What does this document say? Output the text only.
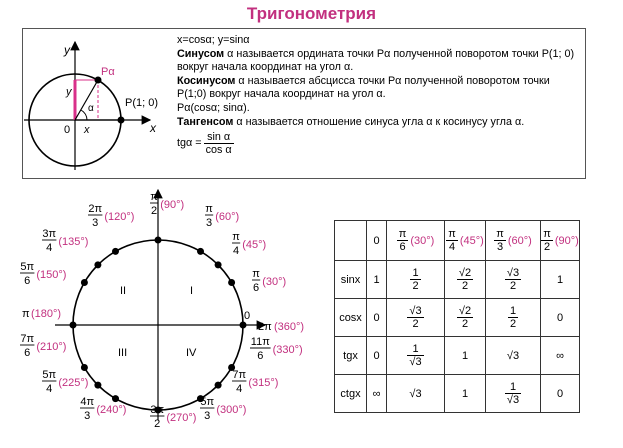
Тригонометрия
y
x
y
x
0
P(1; 0)
Pα
α
π
2 (90°) π
3 (60°)
π
4 (45°)
π
6 (30°)
0
2π (360°)
11π
6 (330°)
7π
4 (315°)
5π
3 (300°)
3π
2 (270°)
4π
3 (240°)
5π
4 (225°)
7π
6 (210°)
π (180°)
5π
6 (150°)
3π
4 (135°)
2π
3 (120°)
I
II
III	IV

x=cosα; y=sinα

Синусом α называется ордината точки Pα полученной поворотом точки P(1; 0) вокруг начала координат на угол α.

Косинусом α называется абсцисса точки Pα полученной поворотом точки P(1;0) вокруг начала координат на угол α.

Pα(cosα; sinα).

Тангенсом α называется отношение синуса угла α к косинусу угла α.

$tg\alpha = \frac{\text{sin α}}{\text{cos α}}$

	0	$\frac{\pi}{6} (30^\circ)$	$\frac{\pi}{4} (45^\circ)$	$\frac{\pi}{3} (60^\circ)$	$\frac{\pi}{2} (90^\circ)$

sinx	1	$\frac{1}{2}$	$\frac{√2}{2}$	$\frac{√3}{2}$	1
cosx	0	$\frac{√3}{2}$	$\frac{√2}{2}$	$\frac{1}{2}$	0
tgx	0	$\frac{1}{√3}$	1	√3	∞
ctgx	∞	√3	1	$\frac{1}{√3}$	0
